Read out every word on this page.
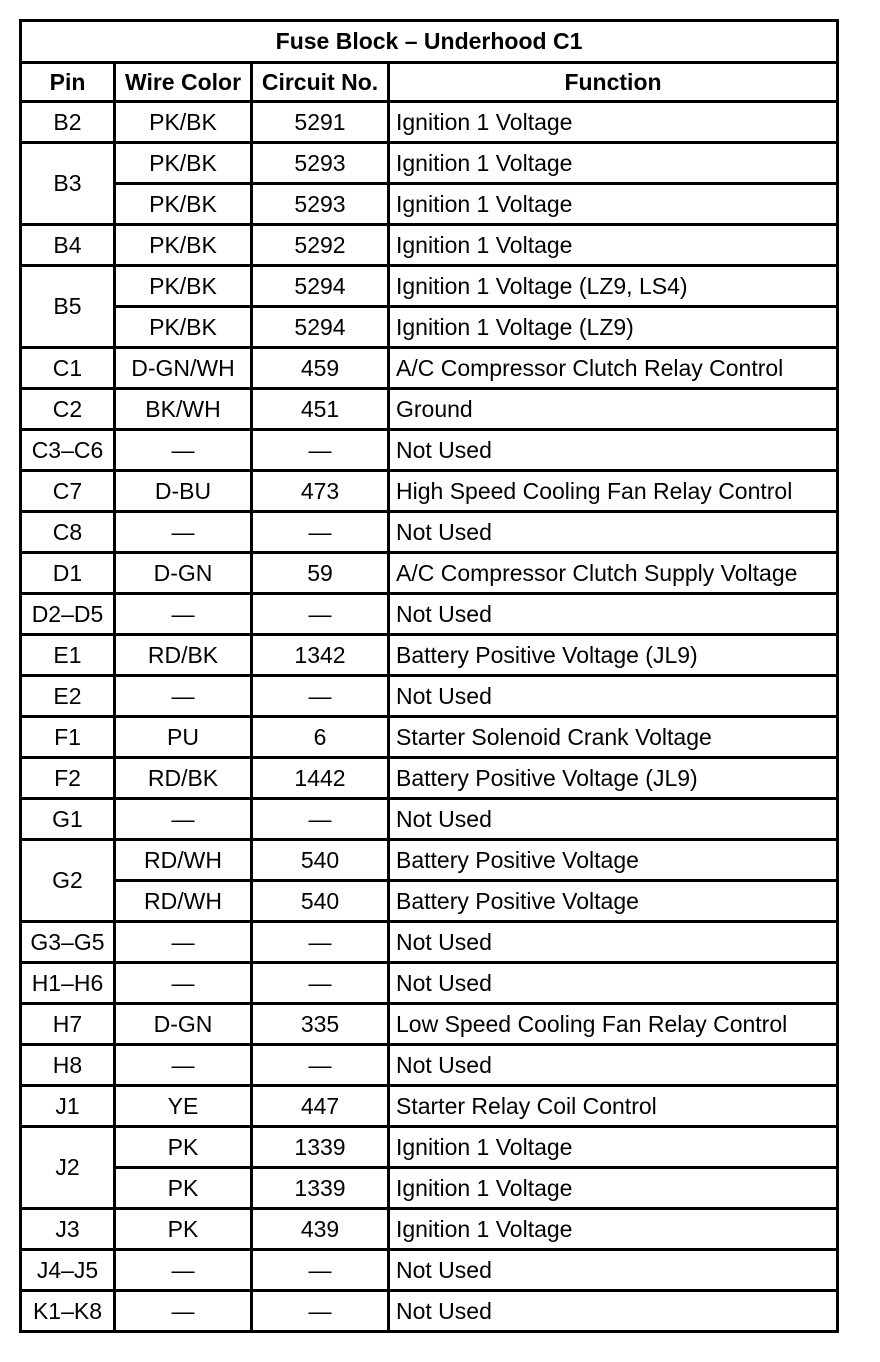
Fuse Block – Underhood C1			
Pin	Wire Color	Circuit No.	Function
B2	PK/BK	5291	Ignition 1 Voltage
B3	PK/BK	5293	Ignition 1 Voltage
	PK/BK	5293	Ignition 1 Voltage
B4	PK/BK	5292	Ignition 1 Voltage
B5	PK/BK	5294	Ignition 1 Voltage (LZ9, LS4)
	PK/BK	5294	Ignition 1 Voltage (LZ9)
C1	D-GN/WH	459	A/C Compressor Clutch Relay Control
C2	BK/WH	451	Ground
C3–C6	—	—	Not Used
C7	D-BU	473	High Speed Cooling Fan Relay Control
C8	—	—	Not Used
D1	D-GN	59	A/C Compressor Clutch Supply Voltage
D2–D5	—	—	Not Used
E1	RD/BK	1342	Battery Positive Voltage (JL9)
E2	—	—	Not Used
F1	PU	6	Starter Solenoid Crank Voltage
F2	RD/BK	1442	Battery Positive Voltage (JL9)
G1	—	—	Not Used
G2	RD/WH	540	Battery Positive Voltage
	RD/WH	540	Battery Positive Voltage
G3–G5	—	—	Not Used
H1–H6	—	—	Not Used
H7	D-GN	335	Low Speed Cooling Fan Relay Control
H8	—	—	Not Used
J1	YE	447	Starter Relay Coil Control
J2	PK	1339	Ignition 1 Voltage
	PK	1339	Ignition 1 Voltage
J3	PK	439	Ignition 1 Voltage
J4–J5	—	—	Not Used
K1–K8	—	—	Not Used
